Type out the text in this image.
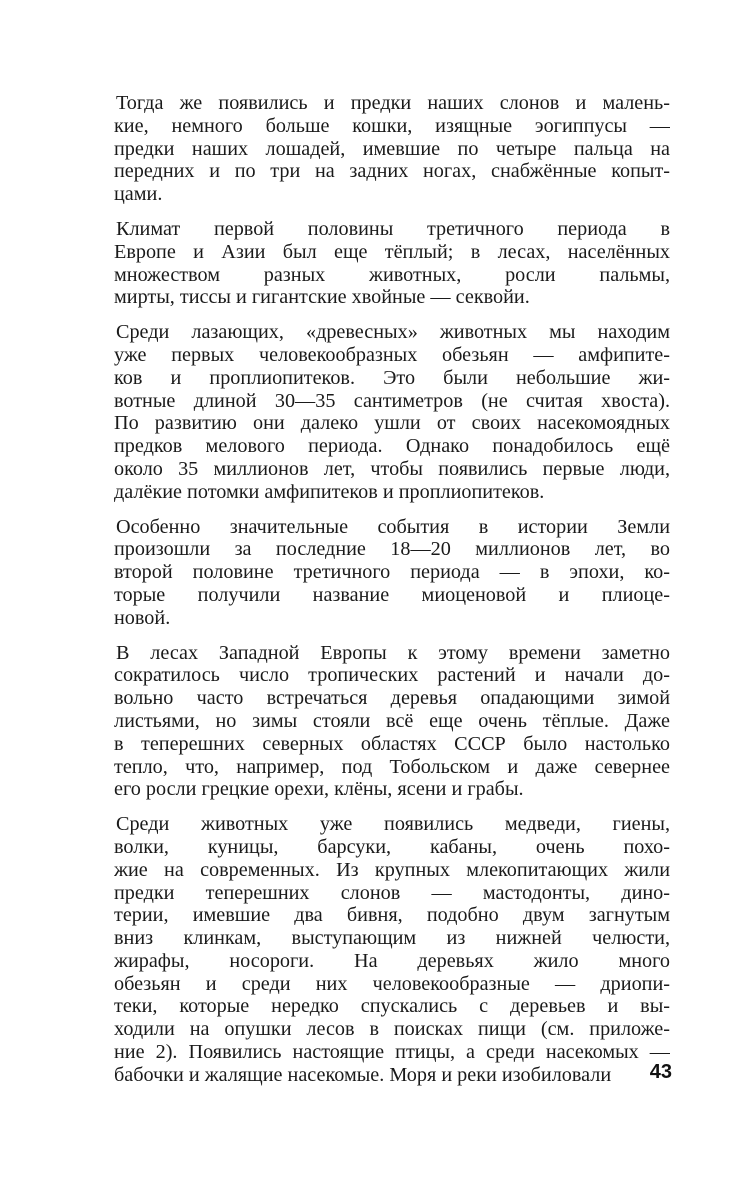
Тогда же появились и предки наших слонов и малень-
кие, немного больше кошки, изящные эогиппусы —
предки наших лошадей, имевшие по четыре пальца на
передних и по три на задних ногах, снабжённые копыт-
цами.
Климат первой половины третичного периода в
Европе и Азии был еще тёплый; в лесах, населённых
множеством разных животных, росли пальмы,
мирты, тиссы и гигантские хвойные — секвойи.
Среди лазающих, «древесных» животных мы находим
уже первых человекообразных обезьян — амфипите-
ков и проплиопитеков. Это были небольшие жи-
вотные длиной 30—35 сантиметров (не считая хвоста).
По развитию они далеко ушли от своих насекомоядных
предков мелового периода. Однако понадобилось ещё
около 35 миллионов лет, чтобы появились первые люди,
далёкие потомки амфипитеков и проплиопитеков.
Особенно значительные события в истории Земли
произошли за последние 18—20 миллионов лет, во
второй половине третичного периода — в эпохи, ко-
торые получили название миоценовой и плиоце-
новой.
В лесах Западной Европы к этому времени заметно
сократилось число тропических растений и начали до-
вольно часто встречаться деревья опадающими зимой
листьями, но зимы стояли всё еще очень тёплые. Даже
в теперешних северных областях СССР было настолько
тепло, что, например, под Тобольском и даже севернее
его росли грецкие орехи, клёны, ясени и грабы.
Среди животных уже появились медведи, гиены,
волки, куницы, барсуки, кабаны, очень похо-
жие на современных. Из крупных млекопитающих жили
предки теперешних слонов — мастодонты, дино-
терии, имевшие два бивня, подобно двум загнутым
вниз клинкам, выступающим из нижней челюсти,
жирафы, носороги. На деревьях жило много
обезьян и среди них человекообразные — дриопи-
теки, которые нередко спускались с деревьев и вы-
ходили на опушки лесов в поисках пищи (см. приложе-
ние 2). Появились настоящие птицы, а среди насекомых —
бабочки и жалящие насекомые. Моря и реки изобиловали	43
